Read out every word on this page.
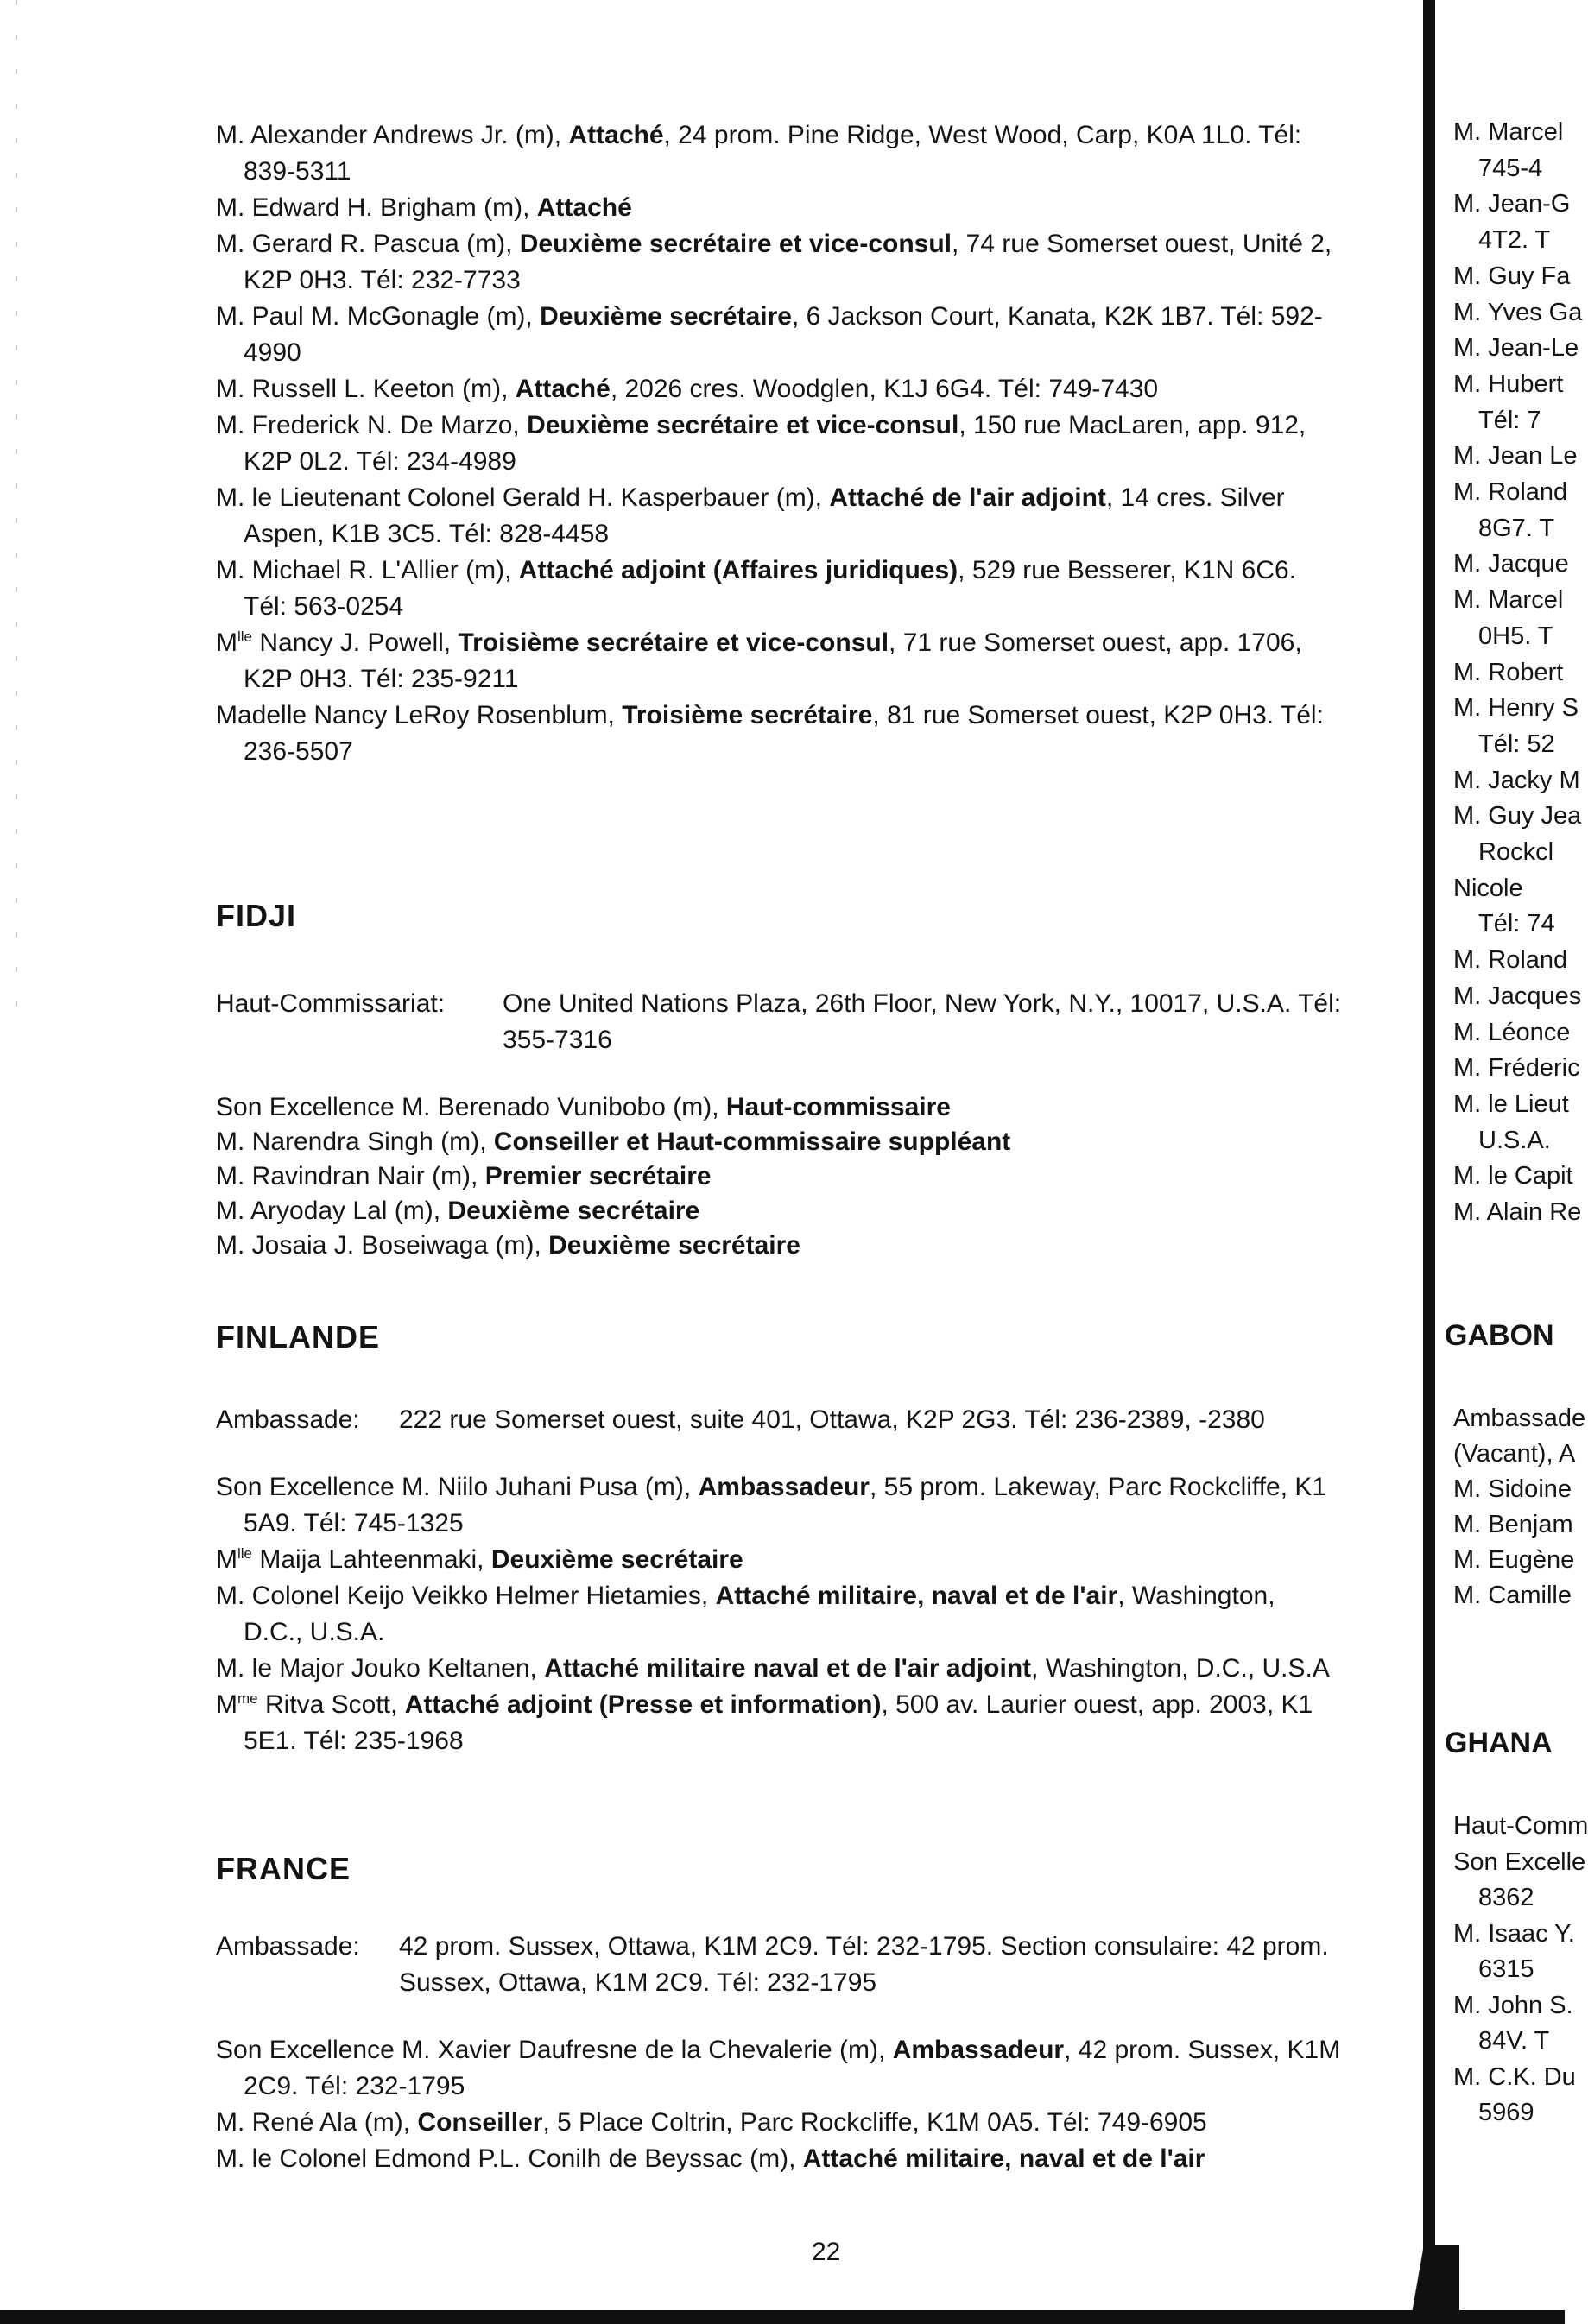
M. Alexander Andrews Jr. (m), Attaché, 24 prom. Pine Ridge, West Wood, Carp, K0A 1L0. Tél:
839-5311
M. Edward H. Brigham (m), Attaché
M. Gerard R. Pascua (m), Deuxième secrétaire et vice-consul, 74 rue Somerset ouest, Unité 2,
K2P 0H3. Tél: 232-7733
M. Paul M. McGonagle (m), Deuxième secrétaire, 6 Jackson Court, Kanata, K2K 1B7. Tél: 592-
4990
M. Russell L. Keeton (m), Attaché, 2026 cres. Woodglen, K1J 6G4. Tél: 749-7430
M. Frederick N. De Marzo, Deuxième secrétaire et vice-consul, 150 rue MacLaren, app. 912,
K2P 0L2. Tél: 234-4989
M. le Lieutenant Colonel Gerald H. Kasperbauer (m), Attaché de l'air adjoint, 14 cres. Silver
Aspen, K1B 3C5. Tél: 828-4458
M. Michael R. L'Allier (m), Attaché adjoint (Affaires juridiques), 529 rue Besserer, K1N 6C6.
Tél: 563-0254
$M^{lle}$ Nancy J. Powell, Troisième secrétaire et vice-consul, 71 rue Somerset ouest, app. 1706,
K2P 0H3. Tél: 235-9211
Madelle Nancy LeRoy Rosenblum, Troisième secrétaire, 81 rue Somerset ouest, K2P 0H3. Tél:
236-5507
FIDJI
Haut-Commissariat: One United Nations Plaza, 26th Floor, New York, N.Y., 10017, U.S.A. Tél:
355-7316
Son Excellence M. Berenado Vunibobo (m), Haut-commissaire
M. Narendra Singh (m), Conseiller et Haut-commissaire suppléant
M. Ravindran Nair (m), Premier secrétaire
M. Aryoday Lal (m), Deuxième secrétaire
M. Josaia J. Boseiwaga (m), Deuxième secrétaire
FINLANDE
Ambassade: 222 rue Somerset ouest, suite 401, Ottawa, K2P 2G3. Tél: 236-2389, -2380
Son Excellence M. Niilo Juhani Pusa (m), Ambassadeur, 55 prom. Lakeway, Parc Rockcliffe, K1
5A9. Tél: 745-1325
$M^{lle}$ Maija Lahteenmaki, Deuxième secrétaire
M. Colonel Keijo Veikko Helmer Hietamies, Attaché militaire, naval et de l'air, Washington,
D.C., U.S.A.
M. le Major Jouko Keltanen, Attaché militaire naval et de l'air adjoint, Washington, D.C., U.S.A
$M^{me}$ Ritva Scott, Attaché adjoint (Presse et information), 500 av. Laurier ouest, app. 2003, K1
5E1. Tél: 235-1968
FRANCE
Ambassade: 42 prom. Sussex, Ottawa, K1M 2C9. Tél: 232-1795. Section consulaire: 42 prom.
Sussex, Ottawa, K1M 2C9. Tél: 232-1795
Son Excellence M. Xavier Daufresne de la Chevalerie (m), Ambassadeur, 42 prom. Sussex, K1M
2C9. Tél: 232-1795
M. René Ala (m), Conseiller, 5 Place Coltrin, Parc Rockcliffe, K1M 0A5. Tél: 749-6905
M. le Colonel Edmond P.L. Conilh de Beyssac (m), Attaché militaire, naval et de l'air
22
M. Marcel
745-4
M. Jean-G
4T2. T
M. Guy Fa
M. Yves Ga
M. Jean-Le
M. Hubert
Tél: 7
M. Jean Le
M. Roland
8G7. T
M. Jacque
M. Marcel
0H5. T
M. Robert
M. Henry S
Tél: 52
M. Jacky M
M. Guy Jea
Rockcl
Nicole
Tél: 74
M. Roland
M. Jacques
M. Léonce
M. Fréderic
M. le Lieut
U.S.A.
M. le Capit
M. Alain Re
GABON
Ambassade
(Vacant), A
M. Sidoine
M. Benjam
M. Eugène
M. Camille
GHANA
Haut-Comm
Son Excelle
8362
M. Isaac Y.
6315
M. John S.
84V. T
M. C.K. Du
5969
